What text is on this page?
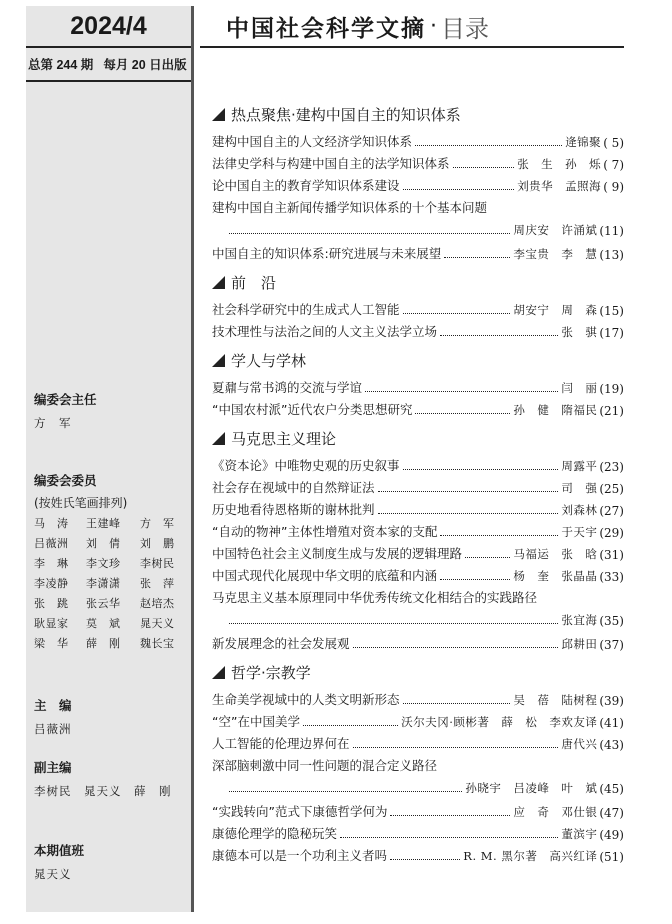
2024/4
总第 244 期 每月 20 日出版
编委会主任
方　军
编委会委员
(按姓氏笔画排列)
马　涛	王建峰	方　军
吕薇洲	刘　倩	刘　鹏
李　琳	李文珍	李树民
李凌静	李潇潇	张　萍
张　跳	张云华	赵培杰
耿显家	莫　斌	晁天义
梁　华	薛　刚	魏长宝
主　编
吕薇洲
副主编
李树民　晁天义　薛　刚
本期值班
晁天义
中国社会科学文摘 · 目录
热点聚焦·建构中国自主的知识体系
建构中国自主的人文经济学知识体系	逄锦聚 ( 5)
法律史学科与构建中国自主的法学知识体系	张　生　孙　烁 ( 7)
论中国自主的教育学知识体系建设	刘贵华　孟照海 ( 9)
建构中国自主新闻传播学知识体系的十个基本问题
周庆安　许涌斌 (11)
中国自主的知识体系:研究进展与未来展望	李宝贵　李　慧 (13)
前　沿
社会科学研究中的生成式人工智能	胡安宁　周　森 (15)
技术理性与法治之间的人文主义法学立场	张　骐 (17)
学人与学林
夏鼐与常书鸿的交流与学谊	闫　丽 (19)
“中国农村派”近代农户分类思想研究	孙　健　隋福民 (21)
马克思主义理论
《资本论》中唯物史观的历史叙事	周露平 (23)
社会存在视域中的自然辩证法	司　强 (25)
历史地看待恩格斯的谢林批判	刘森林 (27)
“自动的物神”主体性增殖对资本家的支配	于天宇 (29)
中国特色社会主义制度生成与发展的逻辑理路	马福运　张　晗 (31)
中国式现代化展现中华文明的底蕴和内涵	杨　奎　张晶晶 (33)
马克思主义基本原理同中华优秀传统文化相结合的实践路径
张宜海 (35)
新发展理念的社会发展观	邱耕田 (37)
哲学·宗教学
生命美学视域中的人类文明新形态	吴　蓓　陆树程 (39)
“空”在中国美学	沃尔夫冈·顾彬著　薛　松　李欢友译 (41)
人工智能的伦理边界何在	唐代兴 (43)
深部脑刺激中同一性问题的混合定义路径
孙晓宇　吕凌峰　叶　斌 (45)
“实践转向”范式下康德哲学何为	应　奇　邓仕银 (47)
康德伦理学的隐秘玩笑	董滨宇 (49)
康德本可以是一个功利主义者吗	R. M. 黑尔著　高兴红译 (51)
